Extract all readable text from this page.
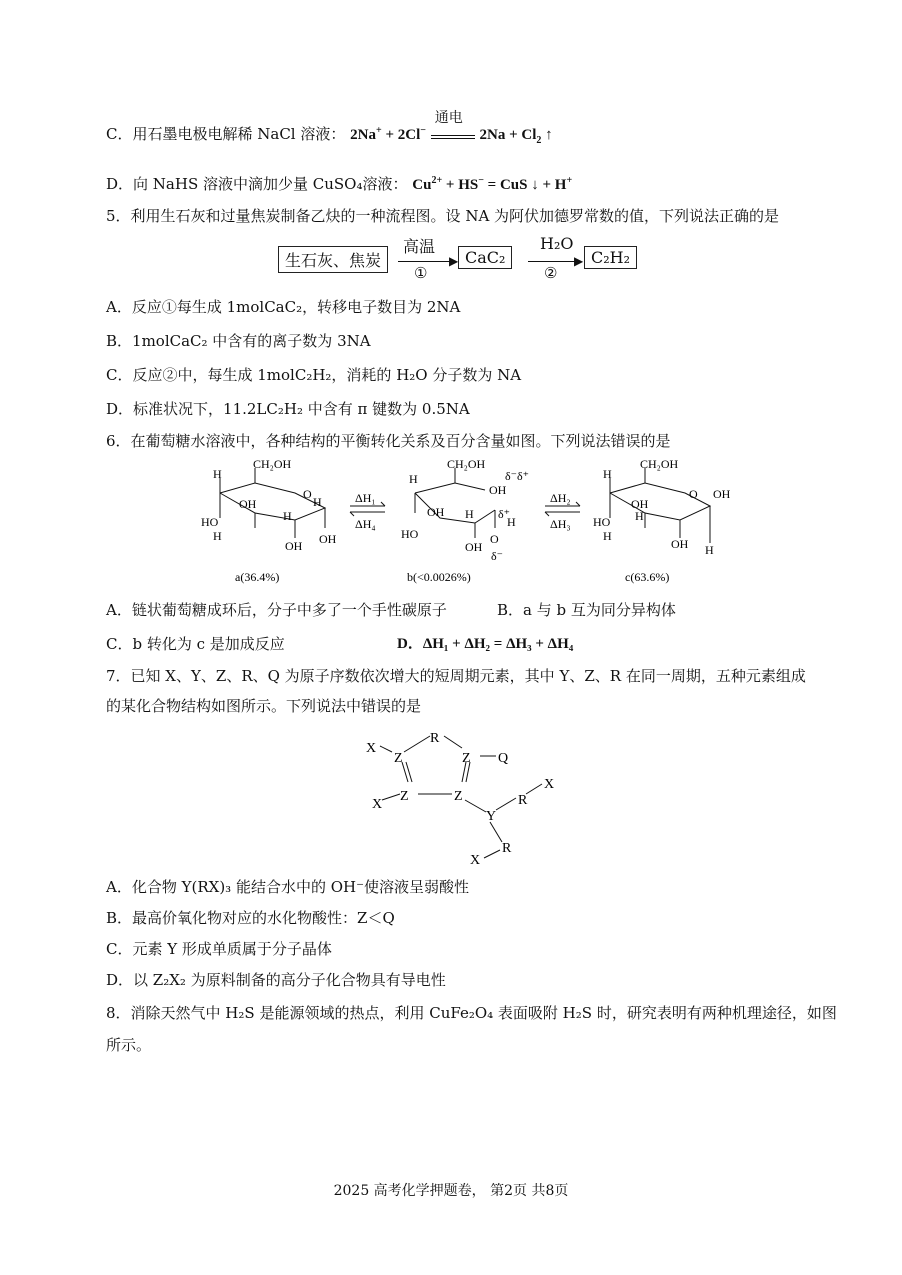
C．用石墨电极电解稀 NaCl 溶液： 2Na+ + 2Cl−
通电
$2Na + Cl_2$ ↑
D．向 NaHS 溶液中滴加少量 CuSO₄溶液： $Cu^{2+} + HS^-$ = CuS ↓ + H+
5．利用生石灰和过量焦炭制备乙炔的一种流程图。设 NA 为阿伏加德罗常数的值，下列说法正确的是
生石灰、焦炭
高温
▶
①
CaC₂
H₂O
▶
②
C₂H₂
A．反应①每生成 1molCaC₂，转移电子数目为 2NA
B．1molCaC₂ 中含有的离子数为 3NA
C．反应②中，每生成 1molC₂H₂，消耗的 H₂O 分子数为 NA
D．标准状况下，11.2LC₂H₂ 中含有 π 键数为 0.5NA
6．在葡萄糖水溶液中，各种结构的平衡转化关系及百分含量如图。下列说法错误的是
CH₂OH
O
H
OH
HO
H
H
H
OH OH
a(36.4%)
ΔH₁
ΔH₄
CH₂OH
OH
δ⁻δ⁺
H
OH
HO
H
OH
δ⁺
H
O
δ⁻
b(<0.0026%)
ΔH₂
ΔH₃
CH₂OH
O
H
OH
OH
HO H
H
OH H
c(63.6%)
A．链状葡萄糖成环后，分子中多了一个手性碳原子	B．a 与 b 互为同分异构体
C．b 转化为 c 是加成反应	D．ΔH₁ + ΔH₂ = ΔH₃ + ΔH₄
7．已知 X、Y、Z、R、Q 为原子序数依次增大的短周期元素，其中 Y、Z、R 在同一周期，五种元素组成
的某化合物结构如图所示。下列说法中错误的是
X
Z
R
Z Q
X
Z	Z
Y
R
X
R
X
A．化合物 Y(RX)₃ 能结合水中的 OH⁻使溶液呈弱酸性
B．最高价氧化物对应的水化物酸性：Z＜Q
C．元素 Y 形成单质属于分子晶体
D．以 Z₂X₂ 为原料制备的高分子化合物具有导电性
8．消除天然气中 H₂S 是能源领域的热点，利用 CuFe₂O₄ 表面吸附 H₂S 时，研究表明有两种机理途径，如图
所示。
2025 高考化学押题卷， 第2页 共8页
